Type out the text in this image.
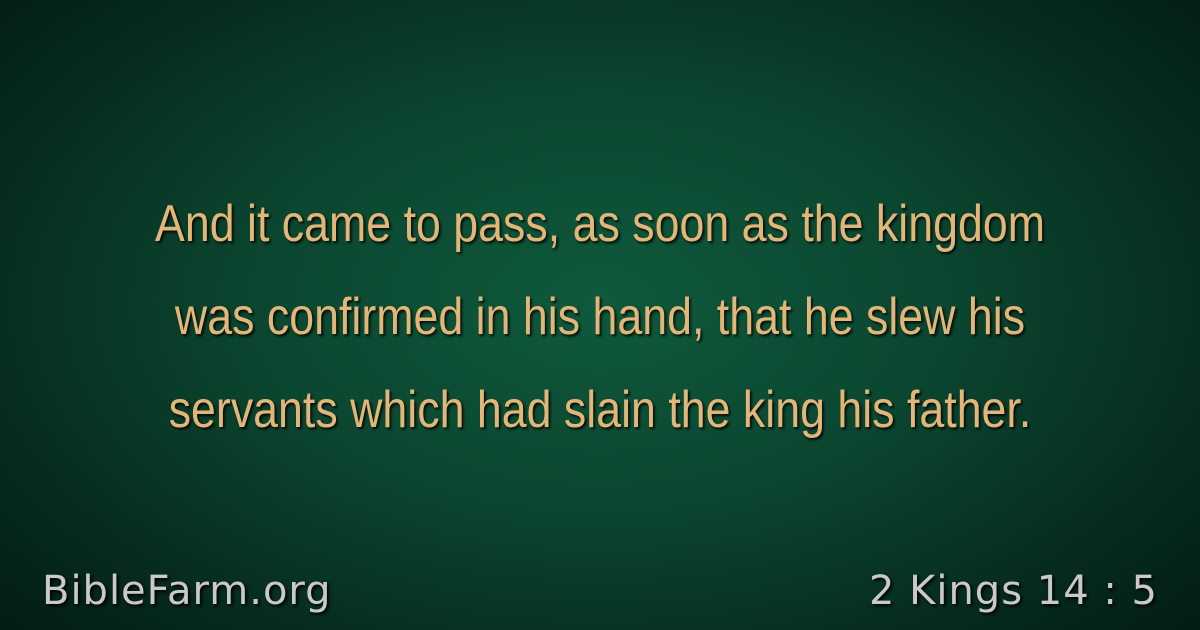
And it came to pass, as soon as the kingdom
was confirmed in his hand, that he slew his
servants which had slain the king his father.
BibleFarm.org	2 Kings 14 : 5
